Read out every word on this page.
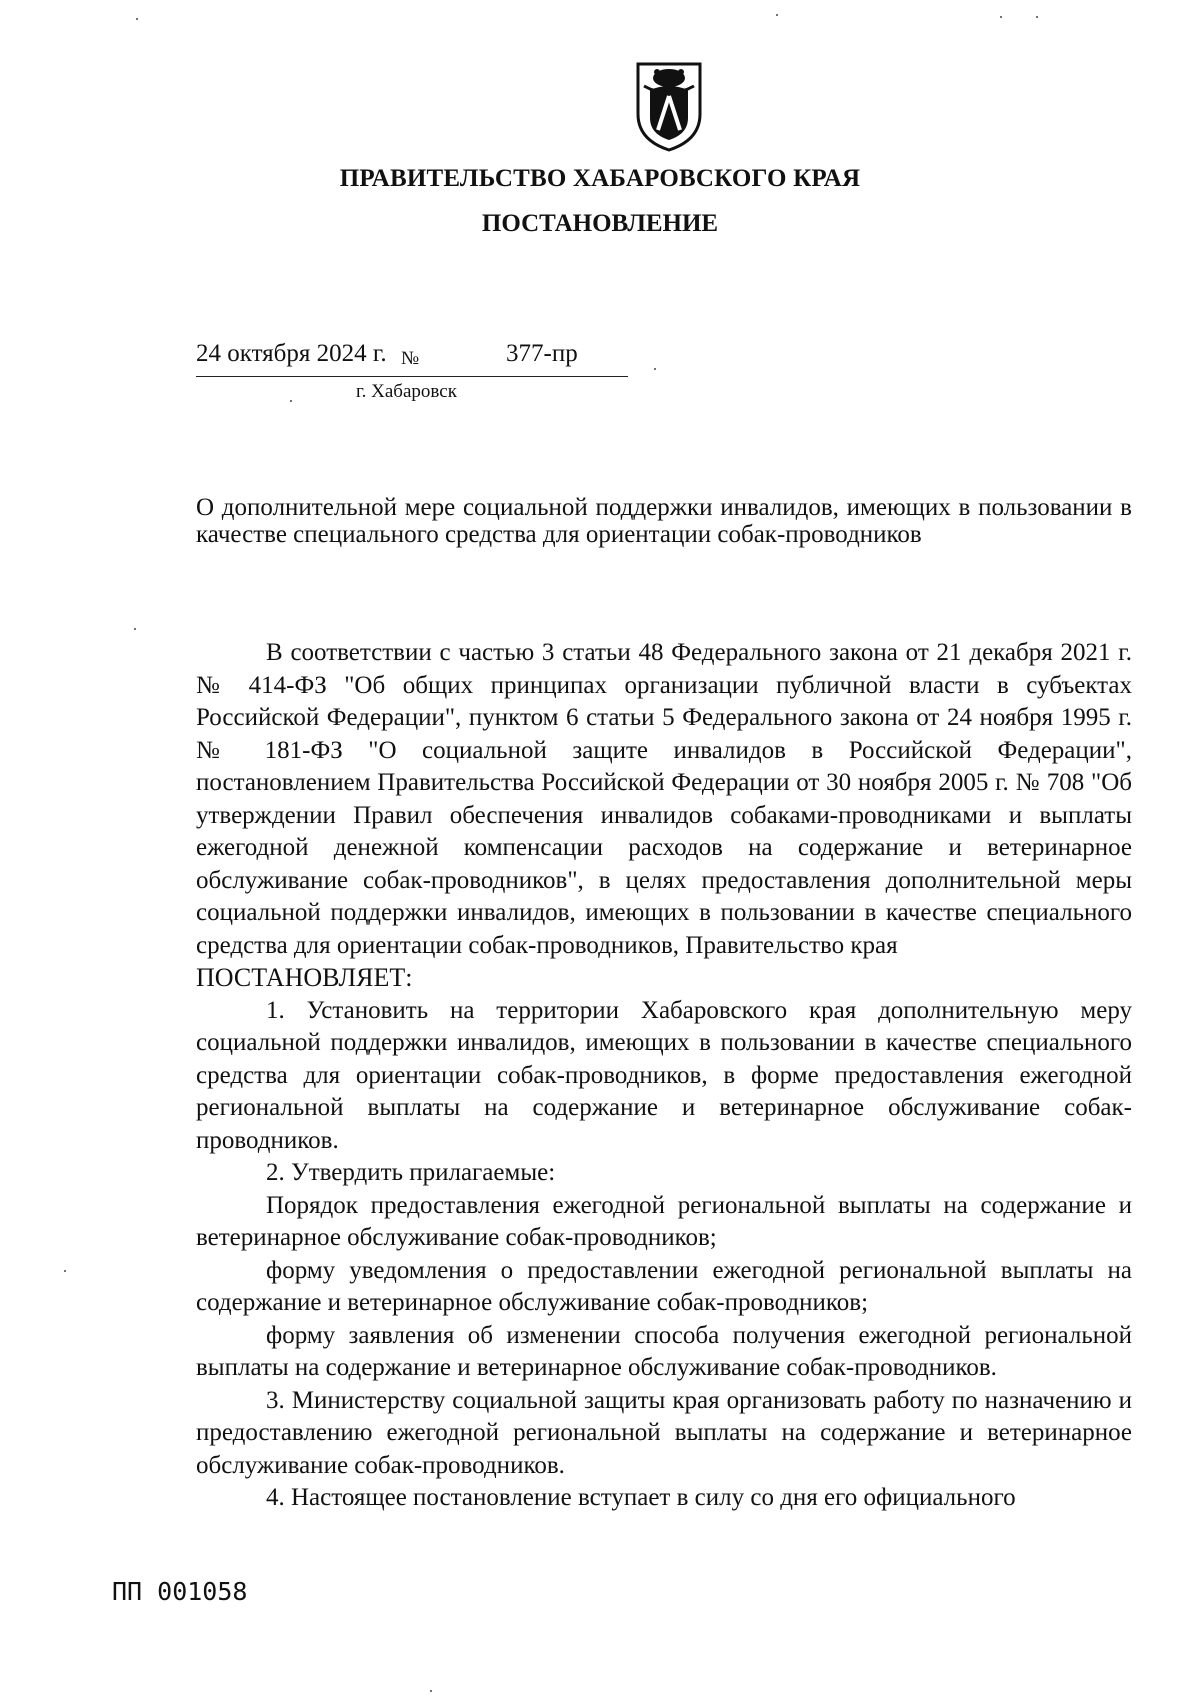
ПРАВИТЕЛЬСТВО ХАБАРОВСКОГО КРАЯ
ПОСТАНОВЛЕНИЕ
24 октября 2024 г. №	377-пр
г. Хабаровск
О дополнительной мере социальной поддержки инвалидов, имеющих в пользовании в качестве специального средства для ориентации собак-проводников

В соответствии с частью 3 статьи 48 Федерального закона от 21 декабря 2021 г. № 414-ФЗ "Об общих принципах организации публичной власти в субъектах Российской Федерации", пунктом 6 статьи 5 Федерального закона от 24 ноября 1995 г. № 181-ФЗ "О социальной защите инвалидов в Российской Федерации", постановлением Правительства Российской Федерации от 30 ноября 2005 г. № 708 "Об утверждении Правил обеспечения инвалидов собаками-проводниками и выплаты ежегодной денежной компенсации расходов на содержание и ветеринарное обслуживание собак-проводников", в целях предоставления дополнительной меры социальной поддержки инвалидов, имеющих в пользовании в качестве специального средства для ориентации собак-проводников, Правительство края

ПОСТАНОВЛЯЕТ:

1. Установить на территории Хабаровского края дополнительную меру социальной поддержки инвалидов, имеющих в пользовании в качестве специального средства для ориентации собак-проводников, в форме предоставления ежегодной региональной выплаты на содержание и ветеринарное обслуживание собак-проводников.

2. Утвердить прилагаемые:

Порядок предоставления ежегодной региональной выплаты на содержание и ветеринарное обслуживание собак-проводников;

форму уведомления о предоставлении ежегодной региональной выплаты на содержание и ветеринарное обслуживание собак-проводников;

форму заявления об изменении способа получения ежегодной региональной выплаты на содержание и ветеринарное обслуживание собак-проводников.

3. Министерству социальной защиты края организовать работу по назначению и предоставлению ежегодной региональной выплаты на содержание и ветеринарное обслуживание собак-проводников.

4. Настоящее постановление вступает в силу со дня его официального

ПП 001058
